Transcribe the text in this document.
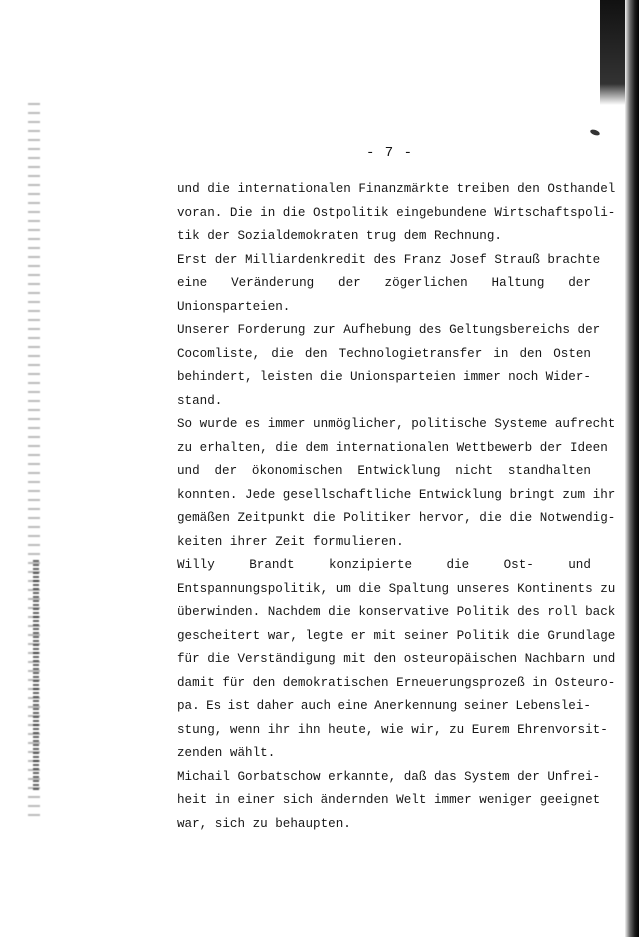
- 7 -
und die internationalen Finanzmärkte treiben den Osthandel
voran. Die in die Ostpolitik eingebundene Wirtschaftspoli-
tik der Sozialdemokraten trug dem Rechnung.
Erst der Milliardenkredit des Franz Josef Strauß brachte
eine Veränderung der zögerlichen Haltung der
Unionsparteien.
Unserer Forderung zur Aufhebung des Geltungsbereichs der
Cocomliste, die den Technologietransfer in den Osten
behindert, leisten die Unionsparteien immer noch Wider-
stand.
So wurde es immer unmöglicher, politische Systeme aufrecht
zu erhalten, die dem internationalen Wettbewerb der Ideen
und der ökonomischen Entwicklung nicht standhalten
konnten. Jede gesellschaftliche Entwicklung bringt zum ihr
gemäßen Zeitpunkt die Politiker hervor, die die Notwendig-
keiten ihrer Zeit formulieren.
Willy	Brandt	konzipierte	die	Ost-	und
Entspannungspolitik, um die Spaltung unseres Kontinents zu
überwinden. Nachdem die konservative Politik des roll back
gescheitert war, legte er mit seiner Politik die Grundlage
für die Verständigung mit den osteuropäischen Nachbarn und
damit für den demokratischen Erneuerungsprozeß in Osteuro-
pa. Es ist daher auch eine Anerkennung seiner Lebenslei-
stung, wenn ihr ihn heute, wie wir, zu Eurem Ehrenvorsit-
zenden wählt.
Michail Gorbatschow erkannte, daß das System der Unfrei-
heit in einer sich ändernden Welt immer weniger geeignet
war, sich zu behaupten.
